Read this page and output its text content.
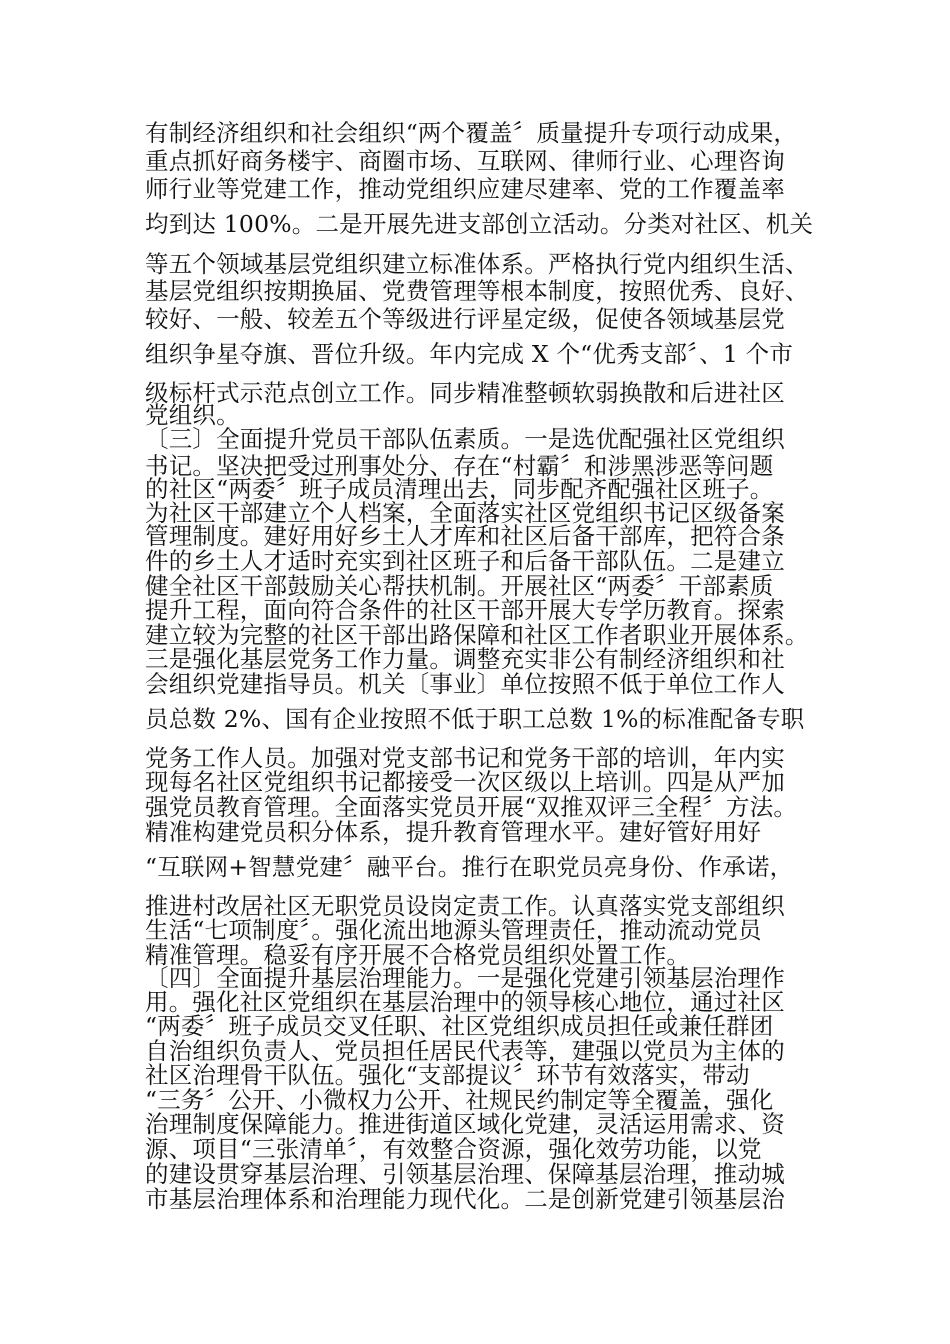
有制经济组织和社会组织“两个覆盖〞质量提升专项行动成果，
重点抓好商务楼宇、商圈市场、互联网、律师行业、心理咨询
师行业等党建工作，推动党组织应建尽建率、党的工作覆盖率
均到达 100%。二是开展先进支部创立活动。分类对社区、机关
等五个领域基层党组织建立标准体系。严格执行党内组织生活、
基层党组织按期换届、党费管理等根本制度，按照优秀、良好、
较好、一般、较差五个等级进行评星定级，促使各领域基层党
组织争星夺旗、晋位升级。年内完成 X 个“优秀支部〞、1 个市
级标杆式示范点创立工作。同步精准整顿软弱换散和后进社区
党组织。
〔三〕全面提升党员干部队伍素质。一是选优配强社区党组织
书记。坚决把受过刑事处分、存在“村霸〞和涉黑涉恶等问题
的社区“两委〞班子成员清理出去，同步配齐配强社区班子。
为社区干部建立个人档案，全面落实社区党组织书记区级备案
管理制度。建好用好乡土人才库和社区后备干部库，把符合条
件的乡土人才适时充实到社区班子和后备干部队伍。二是建立
健全社区干部鼓励关心帮扶机制。开展社区“两委〞干部素质
提升工程，面向符合条件的社区干部开展大专学历教育。探索
建立较为完整的社区干部出路保障和社区工作者职业开展体系。
三是强化基层党务工作力量。调整充实非公有制经济组织和社
会组织党建指导员。机关〔事业〕单位按照不低于单位工作人
员总数 2%、国有企业按照不低于职工总数 1%的标准配备专职
党务工作人员。加强对党支部书记和党务干部的培训，年内实
现每名社区党组织书记都接受一次区级以上培训。四是从严加
强党员教育管理。全面落实党员开展“双推双评三全程〞方法。
精准构建党员积分体系，提升教育管理水平。建好管好用好
“互联网+智慧党建〞融平台。推行在职党员亮身份、作承诺，
推进村改居社区无职党员设岗定责工作。认真落实党支部组织
生活“七项制度〞。强化流出地源头管理责任，推动流动党员
精准管理。稳妥有序开展不合格党员组织处置工作。
〔四〕全面提升基层治理能力。一是强化党建引领基层治理作
用。强化社区党组织在基层治理中的领导核心地位，通过社区
“两委〞班子成员交叉任职、社区党组织成员担任或兼任群团
自治组织负责人、党员担任居民代表等，建强以党员为主体的
社区治理骨干队伍。强化“支部提议〞环节有效落实，带动
“三务〞公开、小微权力公开、社规民约制定等全覆盖，强化
治理制度保障能力。推进街道区域化党建，灵活运用需求、资
源、项目“三张清单〞，有效整合资源，强化效劳功能，以党
的建设贯穿基层治理、引领基层治理、保障基层治理，推动城
市基层治理体系和治理能力现代化。二是创新党建引领基层治
